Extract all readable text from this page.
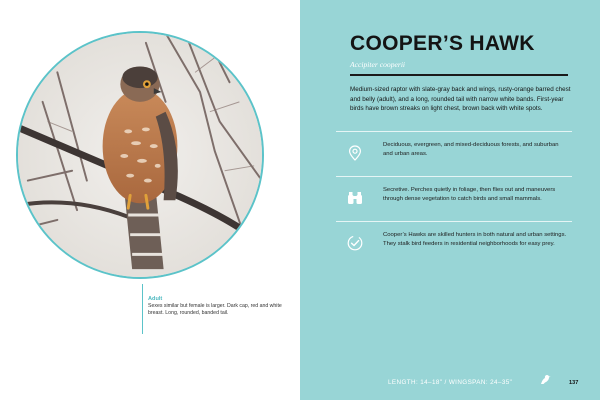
Adult
Sexes similar but female is larger. Dark cap, red and white breast. Long, rounded, banded tail.
COOPER’S HAWK
Accipiter cooperii
Medium-sized raptor with slate-gray back and wings, rusty-orange barred chest and belly (adult), and a long, rounded tail with narrow white bands. First-year birds have brown streaks on light chest, brown back with white spots.
Deciduous, evergreen, and mixed-deciduous forests, and suburban and urban areas.
Secretive. Perches quietly in foliage, then flies out and maneuvers through dense vegetation to catch birds and small mammals.
Cooper’s Hawks are skilled hunters in both natural and urban settings. They stalk bird feeders in residential neighborhoods for easy prey.
LENGTH: 14–18" / WINGSPAN: 24–35"	137
